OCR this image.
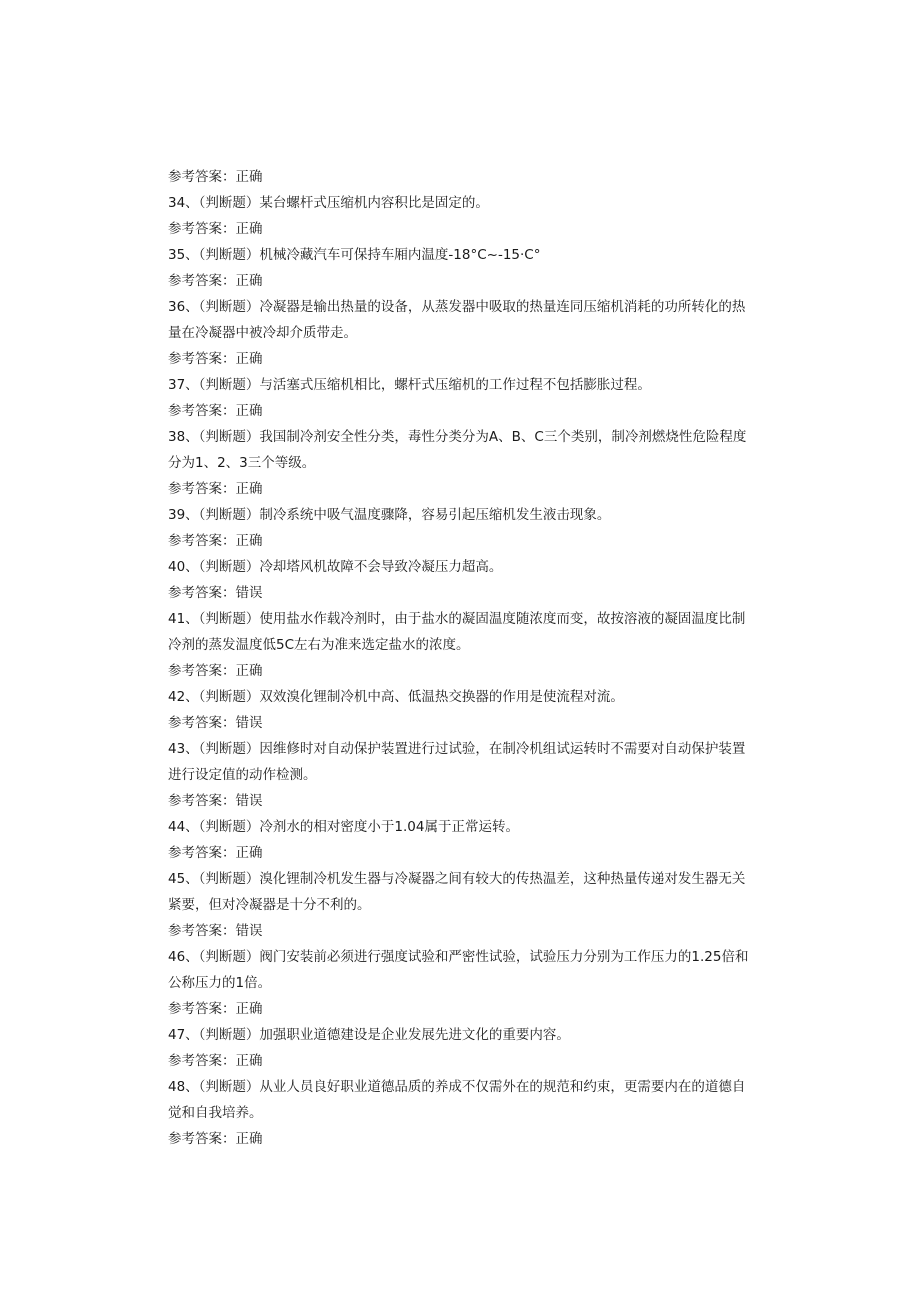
参考答案：正确
34、（判断题）某台螺杆式压缩机内容积比是固定的。
参考答案：正确
35、（判断题）机械冷藏汽车可保持车厢内温度-18°C~-15·C°
参考答案：正确
36、（判断题）冷凝器是输出热量的设备，从蒸发器中吸取的热量连同压缩机消耗的功所转化的热量在冷凝器中被冷却介质带走。
参考答案：正确
37、（判断题）与活塞式压缩机相比，螺杆式压缩机的工作过程不包括膨胀过程。
参考答案：正确
38、（判断题）我国制冷剂安全性分类，毒性分类分为A、B、C三个类别，制冷剂燃烧性危险程度分为1、2、3三个等级。
参考答案：正确
39、（判断题）制冷系统中吸气温度骤降，容易引起压缩机发生液击现象。
参考答案：正确
40、（判断题）冷却塔风机故障不会导致冷凝压力超高。
参考答案：错误
41、（判断题）使用盐水作载冷剂时，由于盐水的凝固温度随浓度而变，故按溶液的凝固温度比制冷剂的蒸发温度低5C左右为准来选定盐水的浓度。
参考答案：正确
42、（判断题）双效溴化锂制冷机中高、低温热交换器的作用是使流程对流。
参考答案：错误
43、（判断题）因维修时对自动保护装置进行过试验，在制冷机组试运转时不需要对自动保护装置进行设定值的动作检测。
参考答案：错误
44、（判断题）冷剂水的相对密度小于1.04属于正常运转。
参考答案：正确
45、（判断题）溴化锂制冷机发生器与冷凝器之间有较大的传热温差，这种热量传递对发生器无关紧要，但对冷凝器是十分不利的。
参考答案：错误
46、（判断题）阀门安装前必须进行强度试验和严密性试验，试验压力分别为工作压力的1.25倍和公称压力的1倍。
参考答案：正确
47、（判断题）加强职业道德建设是企业发展先进文化的重要内容。
参考答案：正确
48、（判断题）从业人员良好职业道德品质的养成不仅需外在的规范和约束，更需要内在的道德自觉和自我培养。
参考答案：正确
